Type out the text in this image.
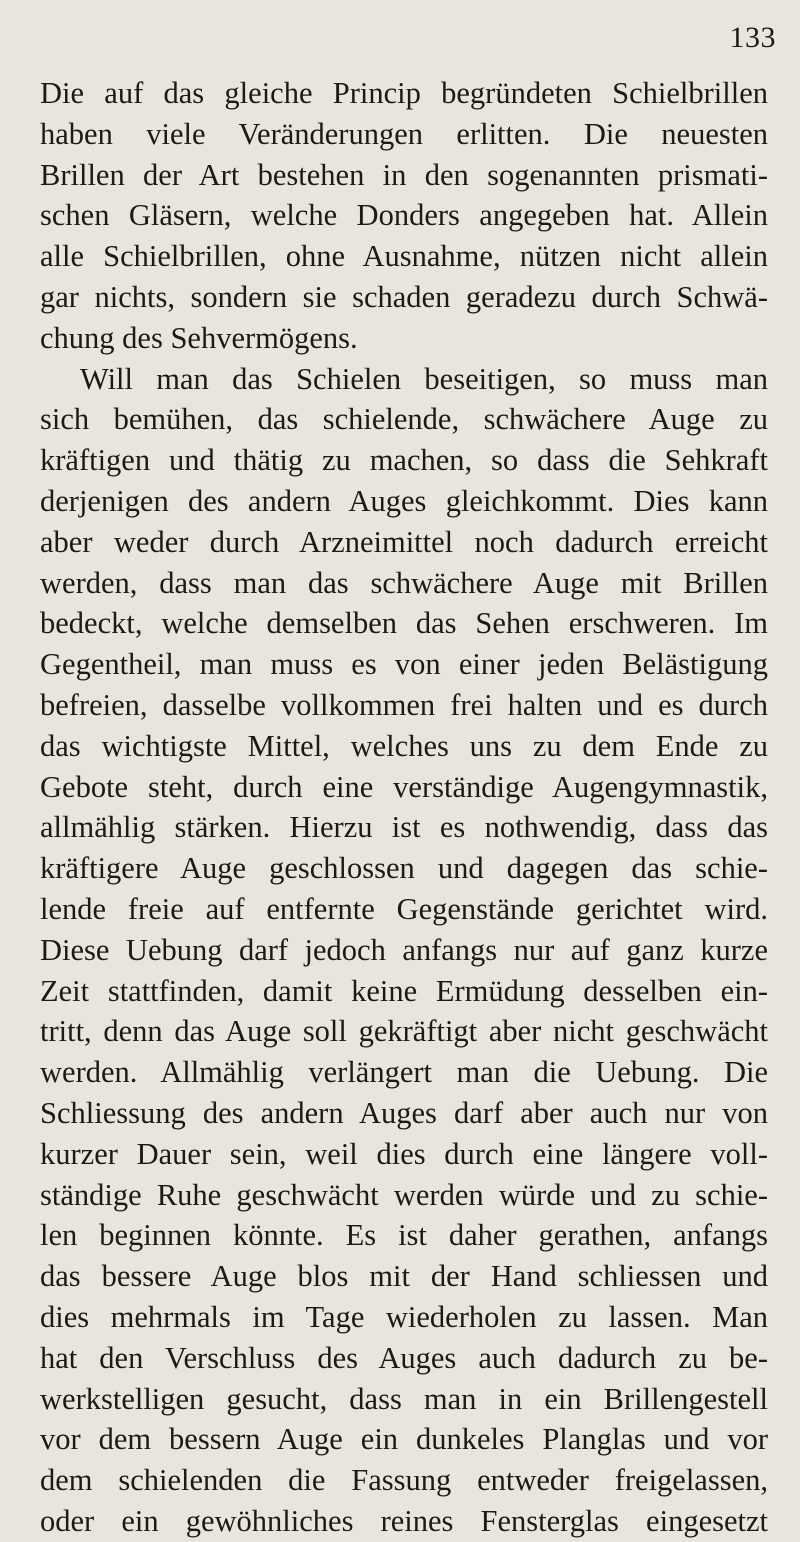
133
Die auf das gleiche Princip begründeten Schielbrillen
haben viele Veränderungen erlitten. Die neuesten
Brillen der Art bestehen in den sogenannten prismati-
schen Gläsern, welche Donders angegeben hat. Allein
alle Schielbrillen, ohne Ausnahme, nützen nicht allein
gar nichts, sondern sie schaden geradezu durch Schwä-
chung des Sehvermögens.
Will man das Schielen beseitigen, so muss man
sich bemühen, das schielende, schwächere Auge zu
kräftigen und thätig zu machen, so dass die Sehkraft
derjenigen des andern Auges gleichkommt. Dies kann
aber weder durch Arzneimittel noch dadurch erreicht
werden, dass man das schwächere Auge mit Brillen
bedeckt, welche demselben das Sehen erschweren. Im
Gegentheil, man muss es von einer jeden Belästigung
befreien, dasselbe vollkommen frei halten und es durch
das wichtigste Mittel, welches uns zu dem Ende zu
Gebote steht, durch eine verständige Augengymnastik,
allmählig stärken. Hierzu ist es nothwendig, dass das
kräftigere Auge geschlossen und dagegen das schie-
lende freie auf entfernte Gegenstände gerichtet wird.
Diese Uebung darf jedoch anfangs nur auf ganz kurze
Zeit stattfinden, damit keine Ermüdung desselben ein-
tritt, denn das Auge soll gekräftigt aber nicht geschwächt
werden. Allmählig verlängert man die Uebung. Die
Schliessung des andern Auges darf aber auch nur von
kurzer Dauer sein, weil dies durch eine längere voll-
ständige Ruhe geschwächt werden würde und zu schie-
len beginnen könnte. Es ist daher gerathen, anfangs
das bessere Auge blos mit der Hand schliessen und
dies mehrmals im Tage wiederholen zu lassen. Man
hat den Verschluss des Auges auch dadurch zu be-
werkstelligen gesucht, dass man in ein Brillengestell
vor dem bessern Auge ein dunkeles Planglas und vor
dem schielenden die Fassung entweder freigelassen,
oder ein gewöhnliches reines Fensterglas eingesetzt
